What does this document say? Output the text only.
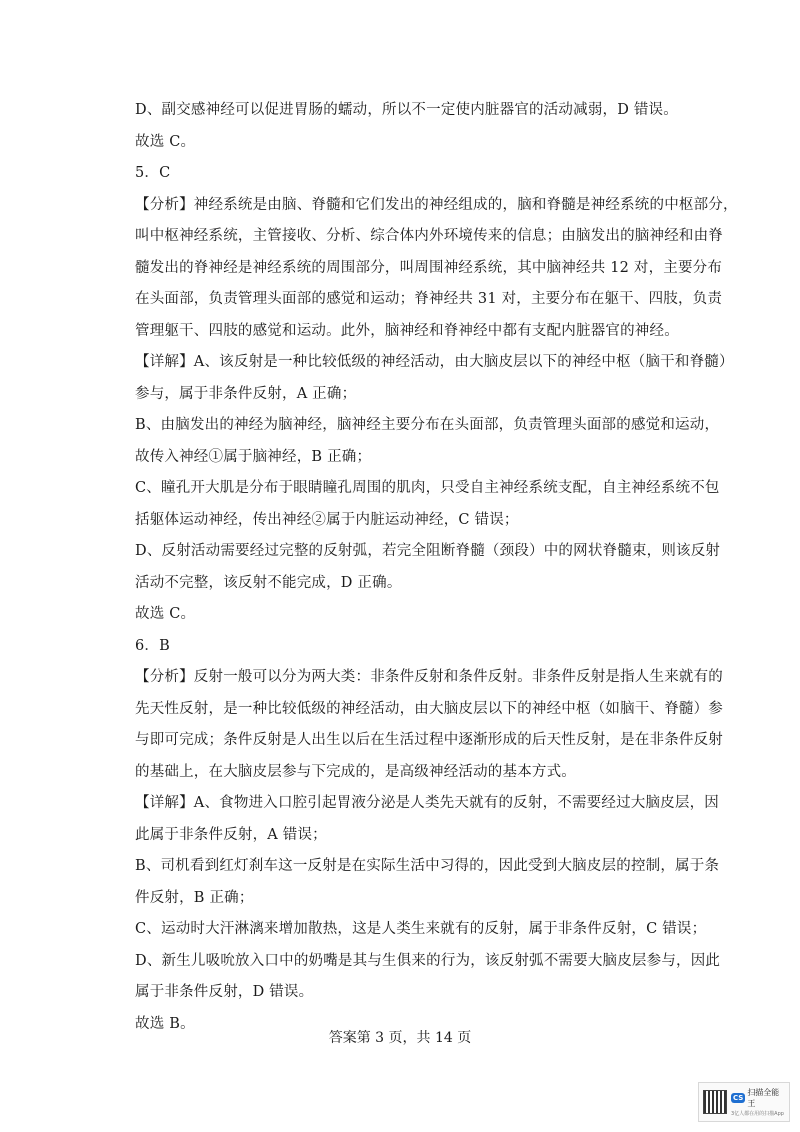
D、副交感神经可以促进胃肠的蠕动，所以不一定使内脏器官的活动减弱，D 错误。
故选 C。
5．C
【分析】神经系统是由脑、脊髓和它们发出的神经组成的，脑和脊髓是神经系统的中枢部分，
叫中枢神经系统，主管接收、分析、综合体内外环境传来的信息；由脑发出的脑神经和由脊
髓发出的脊神经是神经系统的周围部分，叫周围神经系统，其中脑神经共 12 对，主要分布
在头面部，负责管理头面部的感觉和运动；脊神经共 31 对，主要分布在躯干、四肢，负责
管理躯干、四肢的感觉和运动。此外，脑神经和脊神经中都有支配内脏器官的神经。
【详解】A、该反射是一种比较低级的神经活动，由大脑皮层以下的神经中枢（脑干和脊髓）
参与，属于非条件反射，A 正确；
B、由脑发出的神经为脑神经，脑神经主要分布在头面部，负责管理头面部的感觉和运动，
故传入神经①属于脑神经，B 正确；
C、瞳孔开大肌是分布于眼睛瞳孔周围的肌肉，只受自主神经系统支配，自主神经系统不包
括躯体运动神经，传出神经②属于内脏运动神经，C 错误；
D、反射活动需要经过完整的反射弧，若完全阻断脊髓（颈段）中的网状脊髓束，则该反射
活动不完整，该反射不能完成，D 正确。
故选 C。
6．B
【分析】反射一般可以分为两大类：非条件反射和条件反射。非条件反射是指人生来就有的
先天性反射，是一种比较低级的神经活动，由大脑皮层以下的神经中枢（如脑干、脊髓）参
与即可完成；条件反射是人出生以后在生活过程中逐渐形成的后天性反射，是在非条件反射
的基础上，在大脑皮层参与下完成的，是高级神经活动的基本方式。
【详解】A、食物进入口腔引起胃液分泌是人类先天就有的反射，不需要经过大脑皮层，因
此属于非条件反射，A 错误；
B、司机看到红灯刹车这一反射是在实际生活中习得的，因此受到大脑皮层的控制，属于条
件反射，B 正确；
C、运动时大汗淋漓来增加散热，这是人类生来就有的反射，属于非条件反射，C 错误；
D、新生儿吸吮放入口中的奶嘴是其与生俱来的行为，该反射弧不需要大脑皮层参与，因此
属于非条件反射，D 错误。
故选 B。
答案第 3 页，共 14 页
CS
扫描全能王
3亿人都在用的扫描App
